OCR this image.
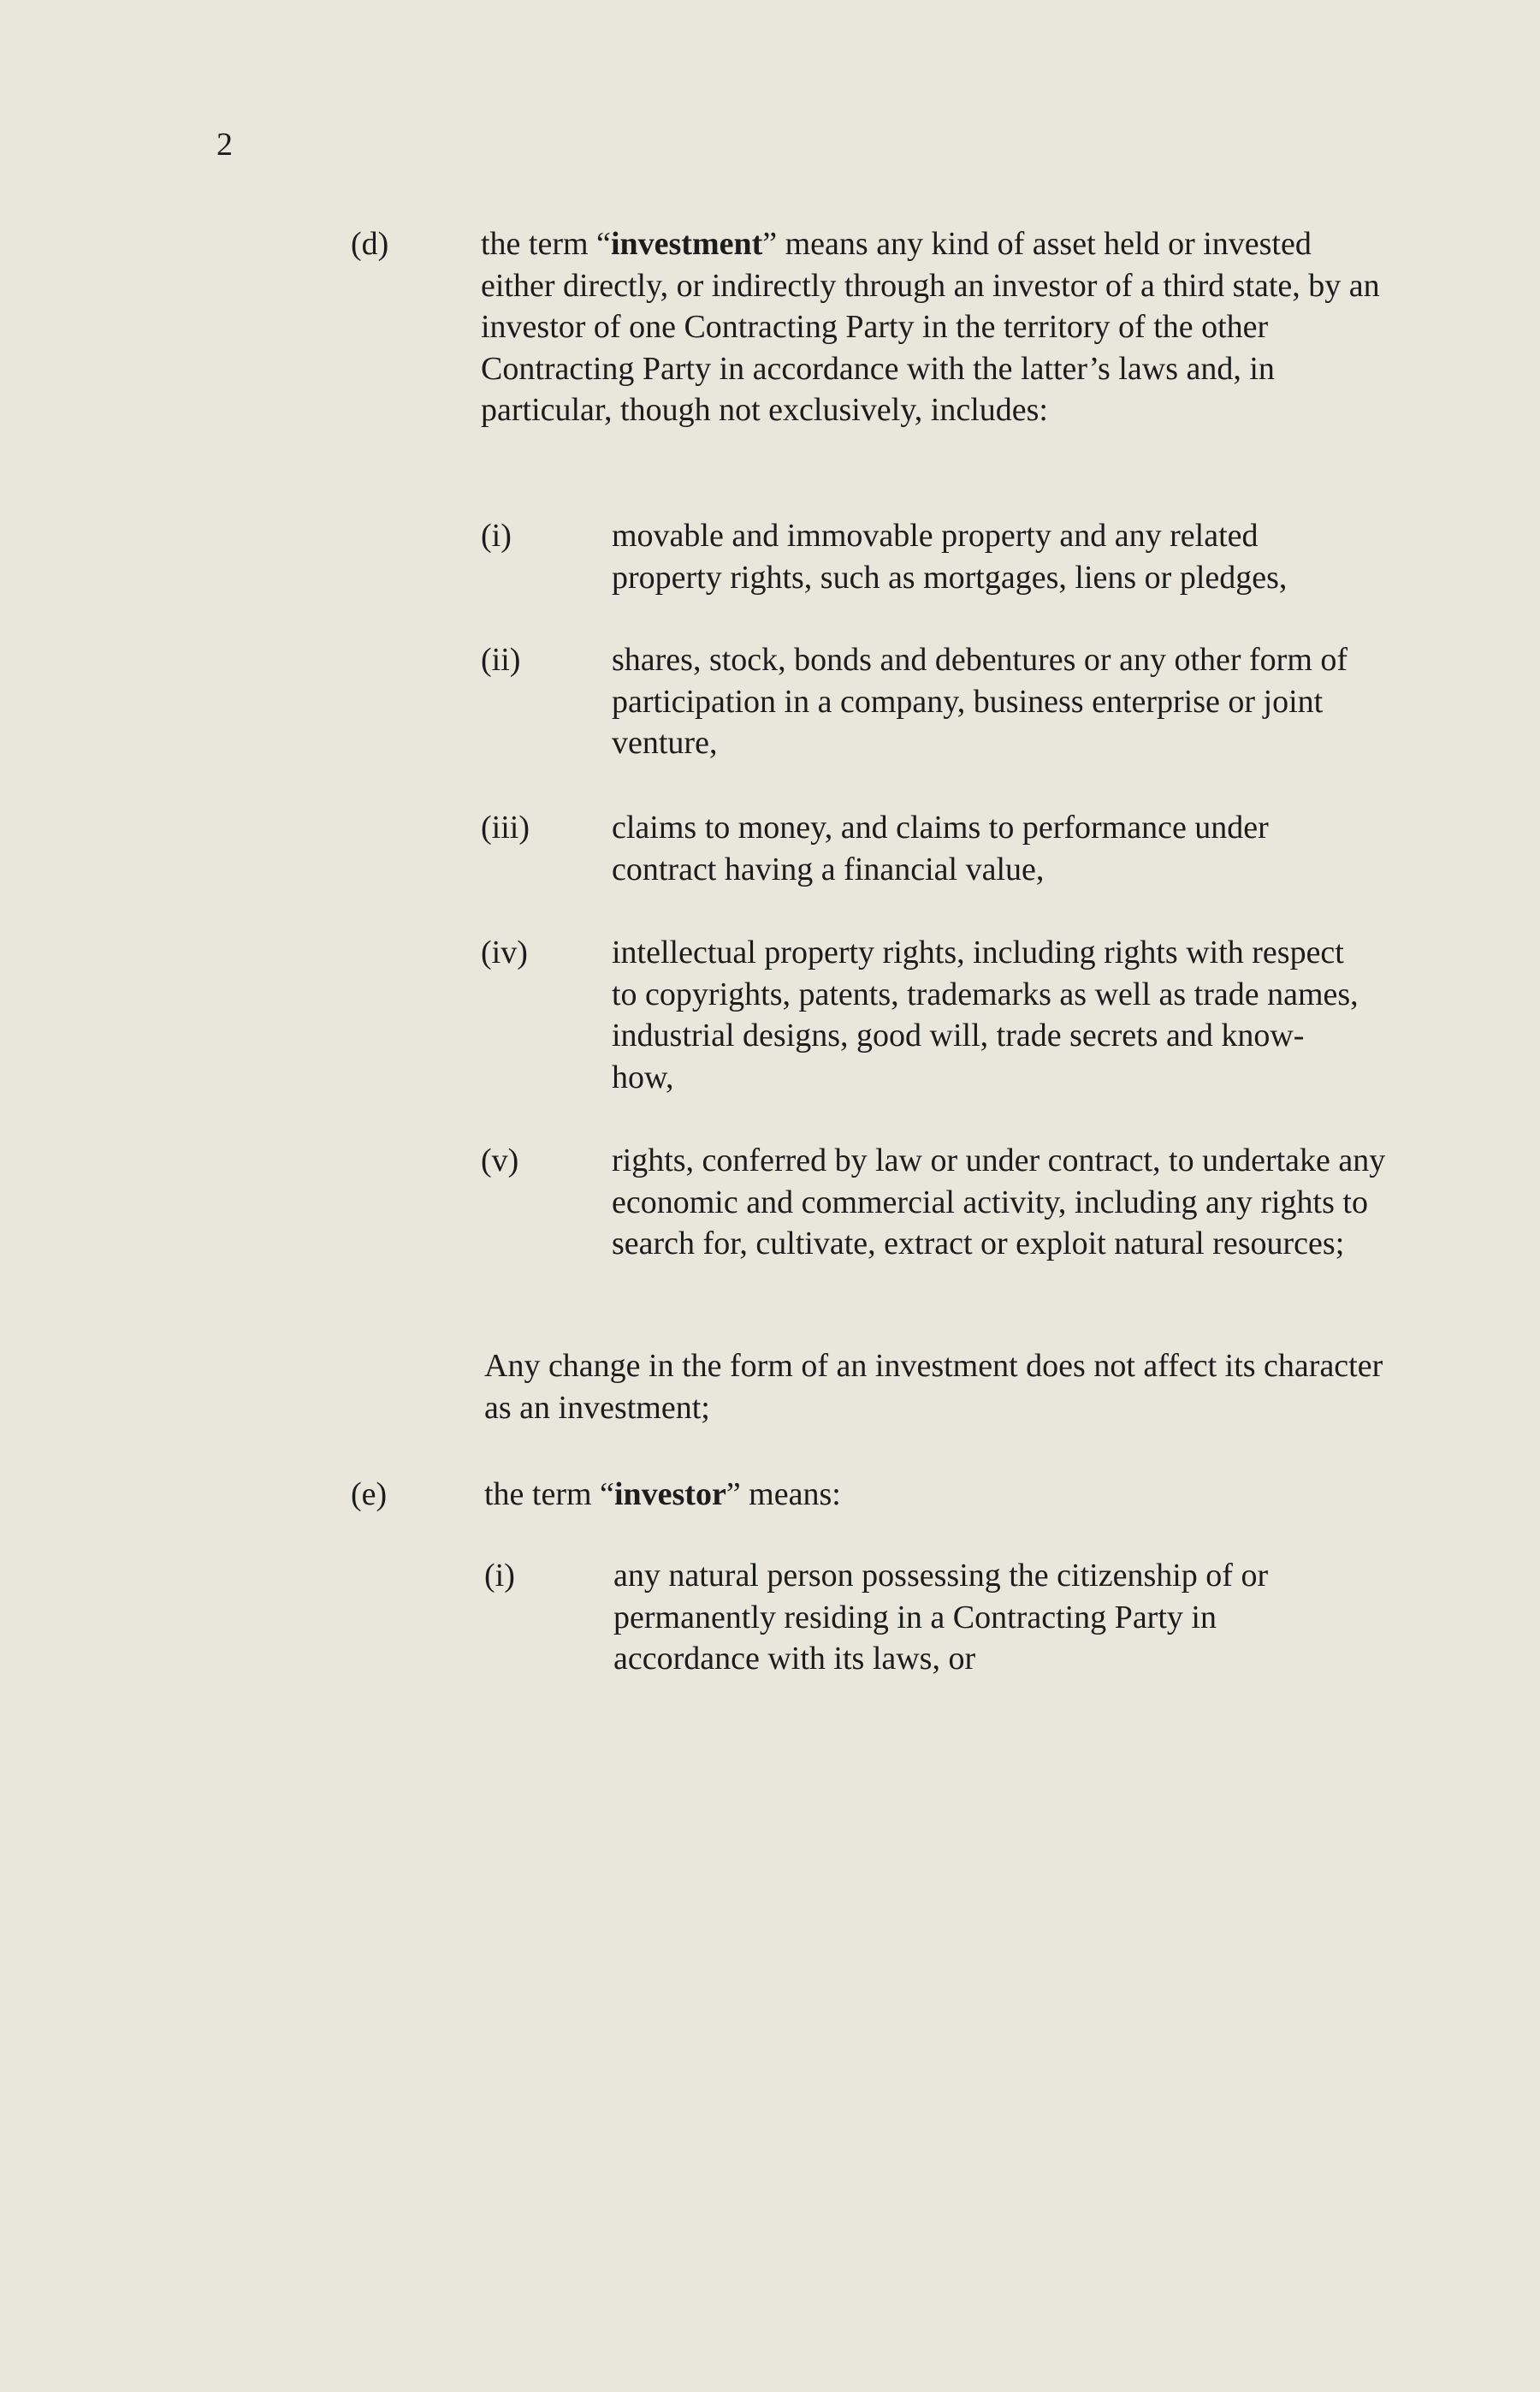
2
(d)	the term “investment” means any kind of asset held or invested either directly, or indirectly through an investor of a third state, by an investor of one Contracting Party in the territory of the other Contracting Party in accordance with the latter’s laws and, in particular, though not exclusively, includes:

(i)	movable and immovable property and any related property rights, such as mortgages, liens or pledges,

(ii)	shares, stock, bonds and debentures or any other form of participation in a company, business enterprise or joint venture,

(iii)	claims to money, and claims to performance under contract having a financial value,

(iv)	intellectual property rights, including rights with respect to copyrights, patents, trademarks as well as trade names, industrial designs, good will, trade secrets and know-how,

(v)	rights, conferred by law or under contract, to undertake any economic and commercial activity, including any rights to search for, cultivate, extract or exploit natural resources;

Any change in the form of an investment does not affect its character as an investment;

(e)	the term “investor” means:

(i)	any natural person possessing the citizenship of or permanently residing in a Contracting Party in accordance with its laws, or
